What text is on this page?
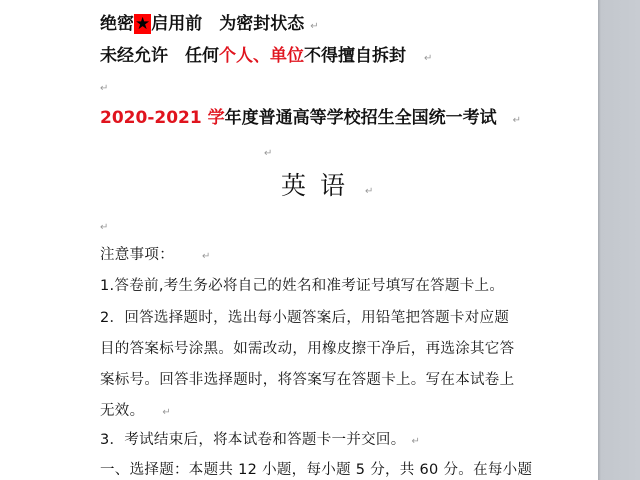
绝密★启用前　为密封状态 ↵
未经允许　任何个人、单位不得擅自拆封 ↵
↵
2020-2021 学年度普通高等学校招生全国统一考试 ↵
↵
英语 ↵
↵
注意事项：	↵
1.答卷前,考生务必将自己的姓名和准考证号填写在答题卡上。
2．回答选择题时，选出每小题答案后，用铅笔把答题卡对应题
目的答案标号涂黑。如需改动，用橡皮擦干净后，再选涂其它答
案标号。回答非选择题时，将答案写在答题卡上。写在本试卷上
无效。 ↵
3．考试结束后，将本试卷和答题卡一并交回。 ↵
一、选择题：本题共 12 小题，每小题 5 分，共 60 分。在每小题
